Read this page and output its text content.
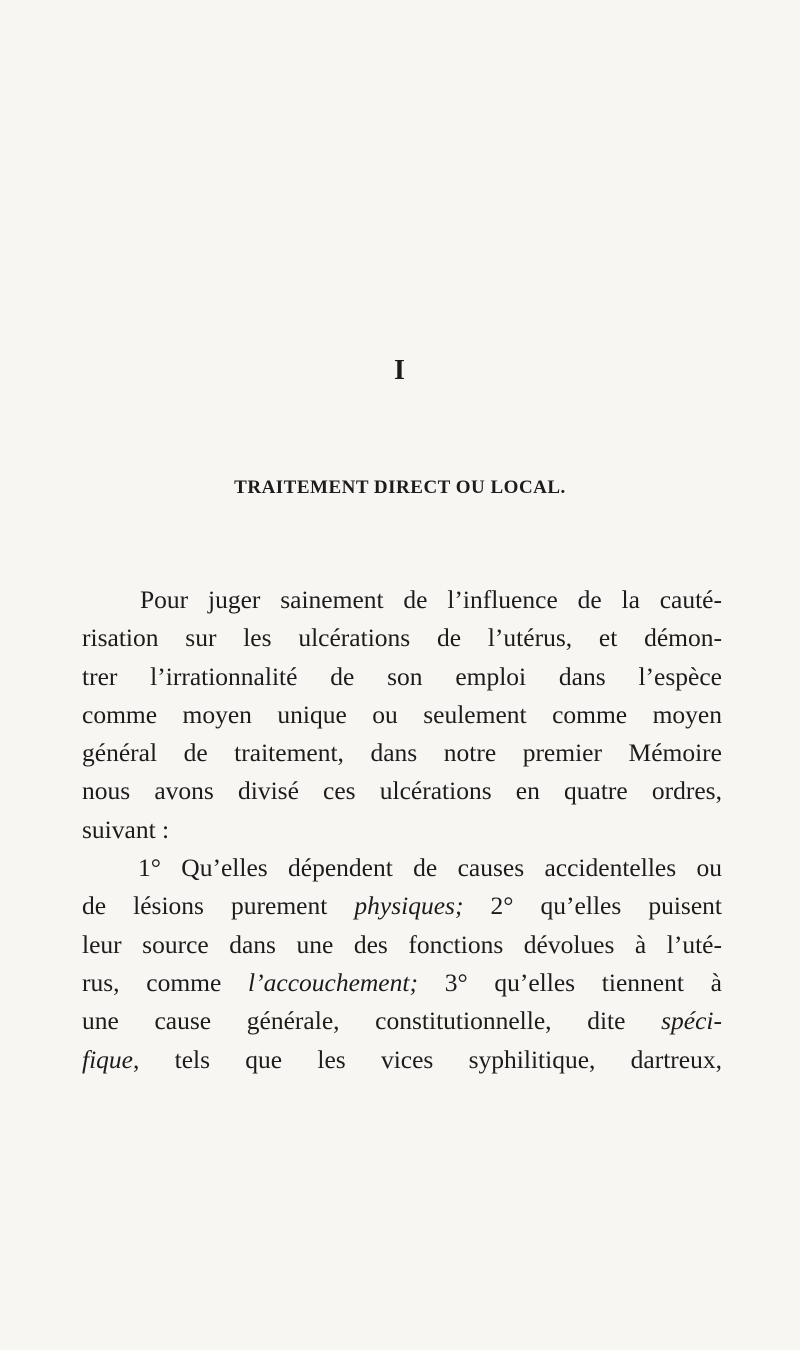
I
TRAITEMENT DIRECT OU LOCAL.
Pour juger sainement de l’influence de la cauté-
risation sur les ulcérations de l’utérus, et démon-
trer l’irrationnalité de son emploi dans l’espèce
comme moyen unique ou seulement comme moyen
général de traitement, dans notre premier Mémoire
nous avons divisé ces ulcérations en quatre ordres,
suivant :
1° Qu’elles dépendent de causes accidentelles ou
de lésions purement physiques; 2° qu’elles puisent
leur source dans une des fonctions dévolues à l’uté-
rus, comme l’accouchement; 3° qu’elles tiennent à
une cause générale, constitutionnelle, dite spéci-
fique, tels que les vices syphilitique, dartreux,
